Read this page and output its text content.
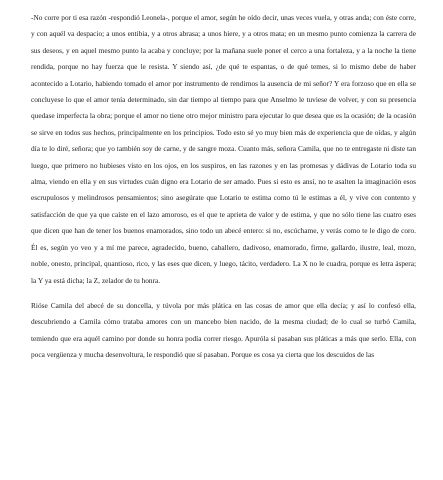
-No corre por ti esa razón -respondió Leonela-, porque el amor, según he oído decir, unas veces vuela, y otras anda; con éste corre, y con aquél va despacio; a unos entibia, y a otros abrasa; a unos hiere, y a otros mata; en un mesmo punto comienza la carrera de sus deseos, y en aquel mesmo punto la acaba y concluye; por la mañana suele poner el cerco a una fortaleza, y a la noche la tiene rendida, porque no hay fuerza que le resista. Y siendo así, ¿de qué te espantas, o de qué temes, si lo mismo debe de haber acontecido a Lotario, habiendo tomado el amor por instrumento de rendirnos la ausencia de mi señor? Y era forzoso que en ella se concluyese lo que el amor tenía determinado, sin dar tiempo al tiempo para que Anselmo le tuviese de volver, y con su presencia quedase imperfecta la obra; porque el amor no tiene otro mejor ministro para ejecutar lo que desea que es la ocasión; de la ocasión se sirve en todos sus hechos, principalmente en los principios. Todo esto sé yo muy bien más de experiencia que de oídas, y algún día te lo diré, señora; que yo también soy de carne, y de sangre moza. Cuanto más, señora Camila, que no te entregaste ni diste tan luego, que primero no hubieses visto en los ojos, en los suspiros, en las razones y en las promesas y dádivas de Lotario toda su alma, viendo en ella y en sus virtudes cuán digno era Lotario de ser amado. Pues si esto es ansí, no te asalten la imaginación esos escrupulosos y melindrosos pensamientos; sino asegúrate que Lotario te estima como tú le estimas a él, y vive con contento y satisfacción de que ya que caíste en el lazo amoroso, es el que te aprieta de valor y de estima, y que no sólo tiene las cuatro eses que dicen que han de tener los buenos enamorados, sino todo un abecé entero: si no, escúchame, y verás como te le digo de coro. Él es, según yo veo y a mí me parece, agradecido, bueno, caballero, dadivoso, enamorado, firme, gallardo, ilustre, leal, mozo, noble, onesto, principal, quantioso, rico, y las eses que dicen, y luego, tácito, verdadero. La X no le cuadra, porque es letra áspera; la Y ya está dicha; la Z, zelador de tu honra.

Rióse Camila del abecé de su doncella, y túvola por más plática en las cosas de amor que ella decía; y así lo confesó ella, descubriendo a Camila cómo trataba amores con un mancebo bien nacido, de la mesma ciudad; de lo cual se turbó Camila, temiendo que era aquél camino por donde su honra podía correr riesgo. Apuróla si pasaban sus pláticas a más que serlo. Ella, con poca vergüenza y mucha desenvoltura, le respondió que sí pasaban. Porque es cosa ya cierta que los descuidos de las
